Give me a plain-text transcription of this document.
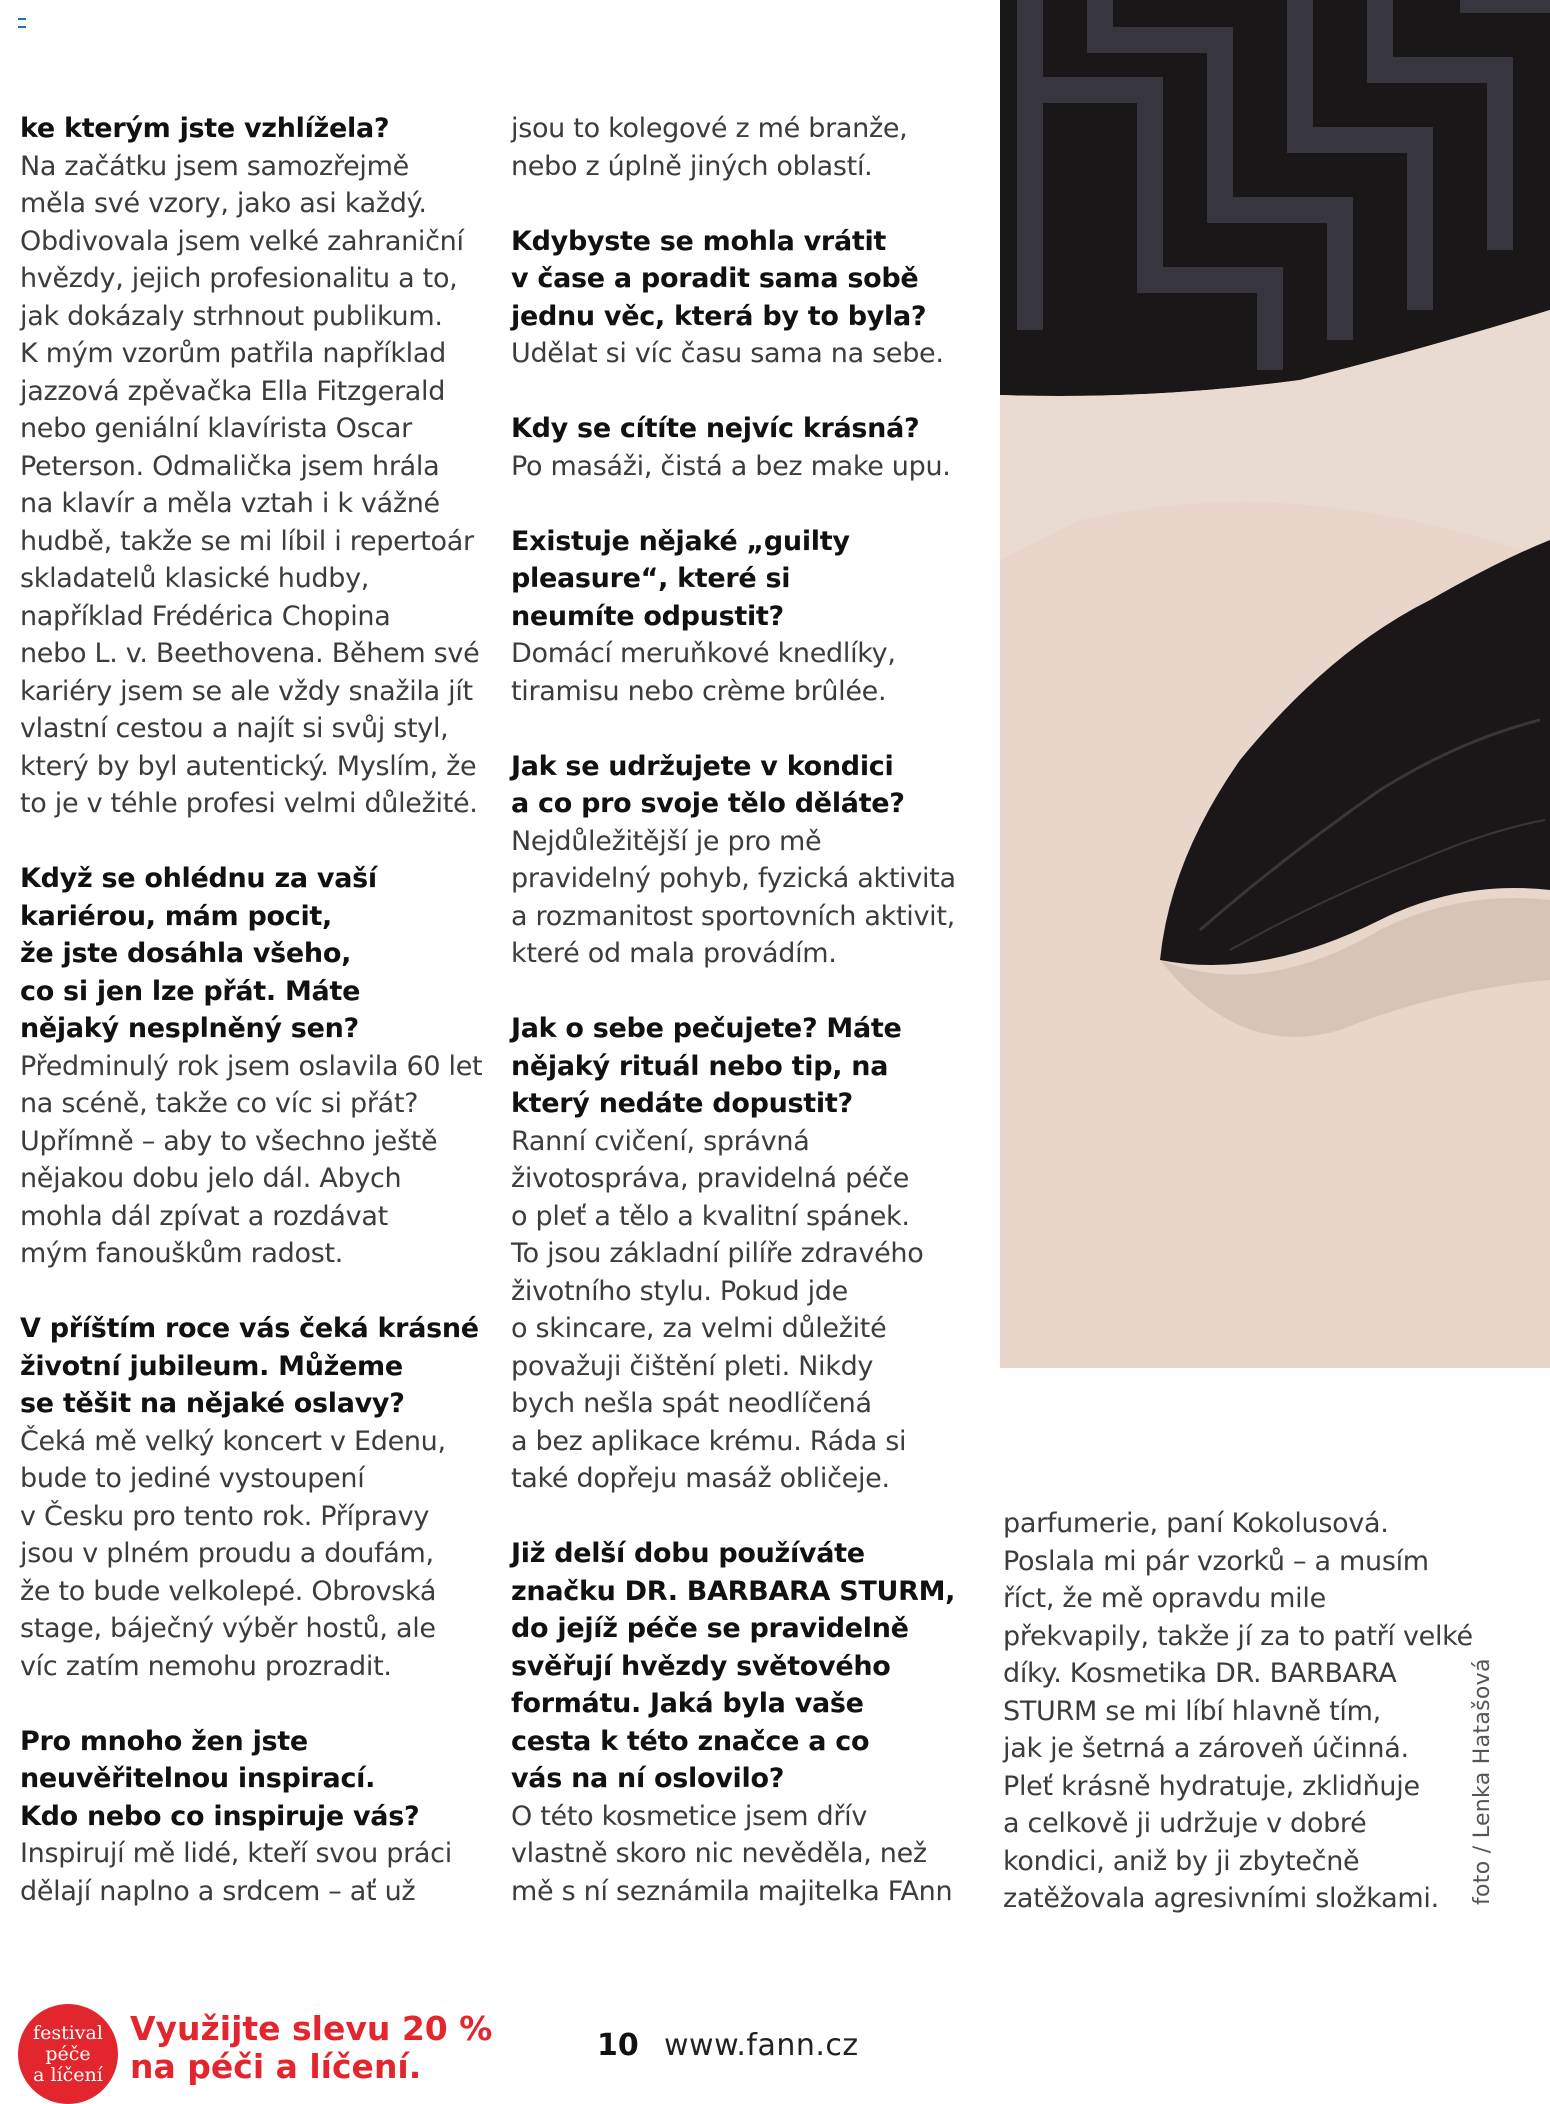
ke kterým jste vzhlížela?
Na začátku jsem samozřejmě
měla své vzory, jako asi každý.
Obdivovala jsem velké zahraniční
hvězdy, jejich profesionalitu a to,
jak dokázaly strhnout publikum.
K mým vzorům patřila například
jazzová zpěvačka Ella Fitzgerald
nebo geniální klavírista Oscar
Peterson. Odmalička jsem hrála
na klavír a měla vztah i k vážné
hudbě, takže se mi líbil i repertoár
skladatelů klasické hudby,
například Frédérica Chopina
nebo L. v. Beethovena. Během své
kariéry jsem se ale vždy snažila jít
vlastní cestou a najít si svůj styl,
který by byl autentický. Myslím, že
to je v téhle profesi velmi důležité.

Když se ohlédnu za vaší
kariérou, mám pocit,
že jste dosáhla všeho,
co si jen lze přát. Máte
nějaký nesplněný sen?
Předminulý rok jsem oslavila 60 let
na scéně, takže co víc si přát?
Upřímně – aby to všechno ještě
nějakou dobu jelo dál. Abych
mohla dál zpívat a rozdávat
mým fanouškům radost.

V příštím roce vás čeká krásné
životní jubileum. Můžeme
se těšit na nějaké oslavy?
Čeká mě velký koncert v Edenu,
bude to jediné vystoupení
v Česku pro tento rok. Přípravy
jsou v plném proudu a doufám,
že to bude velkolepé. Obrovská
stage, báječný výběr hostů, ale
víc zatím nemohu prozradit.

Pro mnoho žen jste
neuvěřitelnou inspirací.
Kdo nebo co inspiruje vás?
Inspirují mě lidé, kteří svou práci
dělají naplno a srdcem – ať už

jsou to kolegové z mé branže,
nebo z úplně jiných oblastí.

Kdybyste se mohla vrátit
v čase a poradit sama sobě
jednu věc, která by to byla?
Udělat si víc času sama na sebe.

Kdy se cítíte nejvíc krásná?
Po masáži, čistá a bez make upu.

Existuje nějaké „guilty
pleasure“, které si
neumíte odpustit?
Domácí meruňkové knedlíky,
tiramisu nebo crème brûlée.

Jak se udržujete v kondici
a co pro svoje tělo děláte?
Nejdůležitější je pro mě
pravidelný pohyb, fyzická aktivita
a rozmanitost sportovních aktivit,
které od mala provádím.

Jak o sebe pečujete? Máte
nějaký rituál nebo tip, na
který nedáte dopustit?
Ranní cvičení, správná
životospráva, pravidelná péče
o pleť a tělo a kvalitní spánek.
To jsou základní pilíře zdravého
životního stylu. Pokud jde
o skincare, za velmi důležité
považuji čištění pleti. Nikdy
bych nešla spát neodlíčená
a bez aplikace krému. Ráda si
také dopřeju masáž obličeje.

Již delší dobu používáte
značku DR. BARBARA STURM,
do jejíž péče se pravidelně
svěřují hvězdy světového
formátu. Jaká byla vaše
cesta k této značce a co
vás na ní oslovilo?
O této kosmetice jsem dřív
vlastně skoro nic nevěděla, než
mě s ní seznámila majitelka FAnn

parfumerie, paní Kokolusová.
Poslala mi pár vzorků – a musím
říct, že mě opravdu mile
překvapily, takže jí za to patří velké
díky. Kosmetika DR. BARBARA
STURM se mi líbí hlavně tím,
jak je šetrná a zároveň účinná.
Pleť krásně hydratuje, zklidňuje
a celkově ji udržuje v dobré
kondici, aniž by ji zbytečně
zatěžovala agresivními složkami.	foto / Lenka Hatašová
festival
péče
a líčení
Využijte slevu 20 %
na péči a líčení.
10 www.fann.cz
